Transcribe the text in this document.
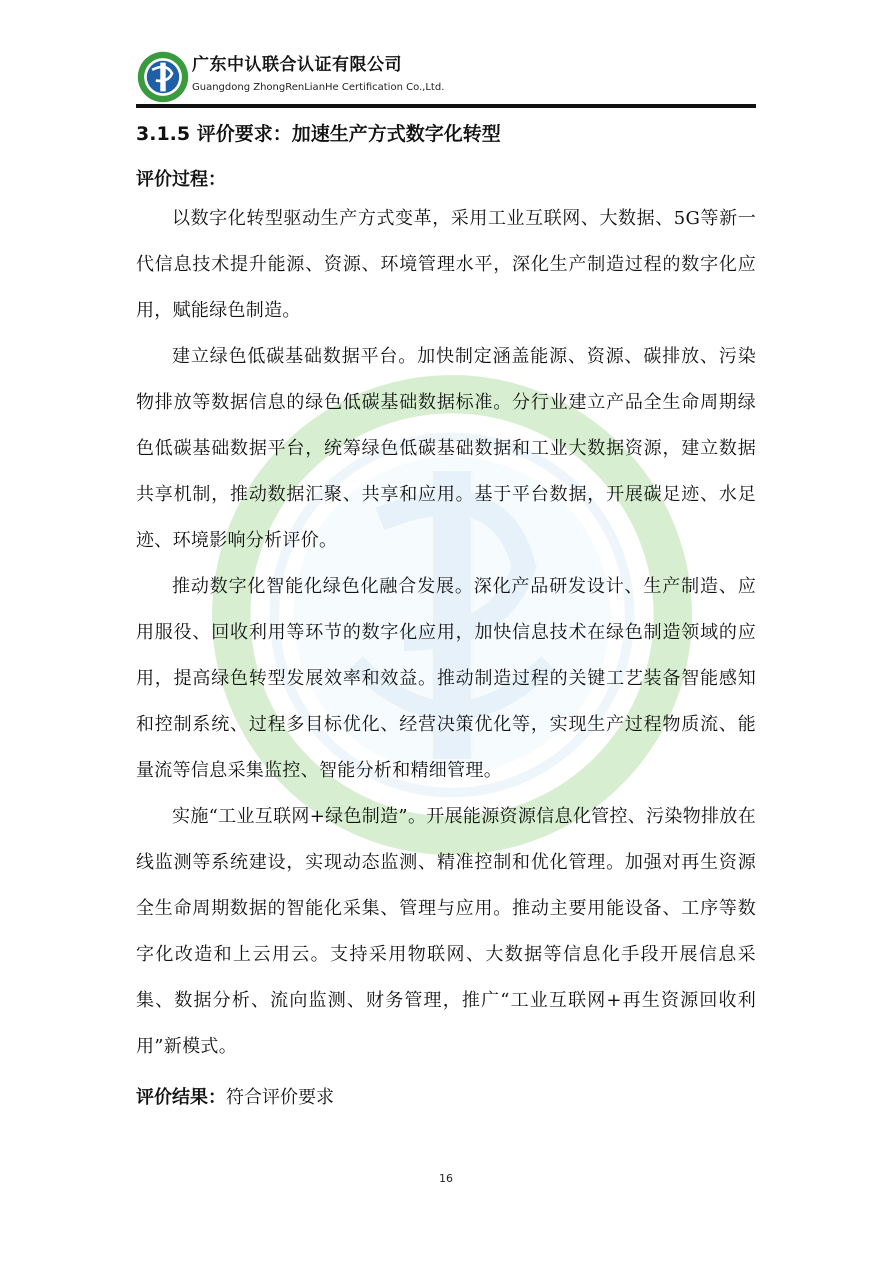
广东中认联合认证有限公司
Guangdong ZhongRenLianHe Certification Co.,Ltd.
3.1.5 评价要求：加速生产方式数字化转型
评价过程：

以数字化转型驱动生产方式变革，采用工业互联网、大数据、5G等新一代信息技术提升能源、资源、环境管理水平，深化生产制造过程的数字化应用，赋能绿色制造。

建立绿色低碳基础数据平台。加快制定涵盖能源、资源、碳排放、污染物排放等数据信息的绿色低碳基础数据标准。分行业建立产品全生命周期绿色低碳基础数据平台，统筹绿色低碳基础数据和工业大数据资源，建立数据共享机制，推动数据汇聚、共享和应用。基于平台数据，开展碳足迹、水足迹、环境影响分析评价。

推动数字化智能化绿色化融合发展。深化产品研发设计、生产制造、应用服役、回收利用等环节的数字化应用，加快信息技术在绿色制造领域的应用，提高绿色转型发展效率和效益。推动制造过程的关键工艺装备智能感知和控制系统、过程多目标优化、经营决策优化等，实现生产过程物质流、能量流等信息采集监控、智能分析和精细管理。

实施“工业互联网+绿色制造”。开展能源资源信息化管控、污染物排放在线监测等系统建设，实现动态监测、精准控制和优化管理。加强对再生资源全生命周期数据的智能化采集、管理与应用。推动主要用能设备、工序等数字化改造和上云用云。支持采用物联网、大数据等信息化手段开展信息采集、数据分析、流向监测、财务管理，推广“工业互联网+再生资源回收利用”新模式。

评价结果：符合评价要求
16
